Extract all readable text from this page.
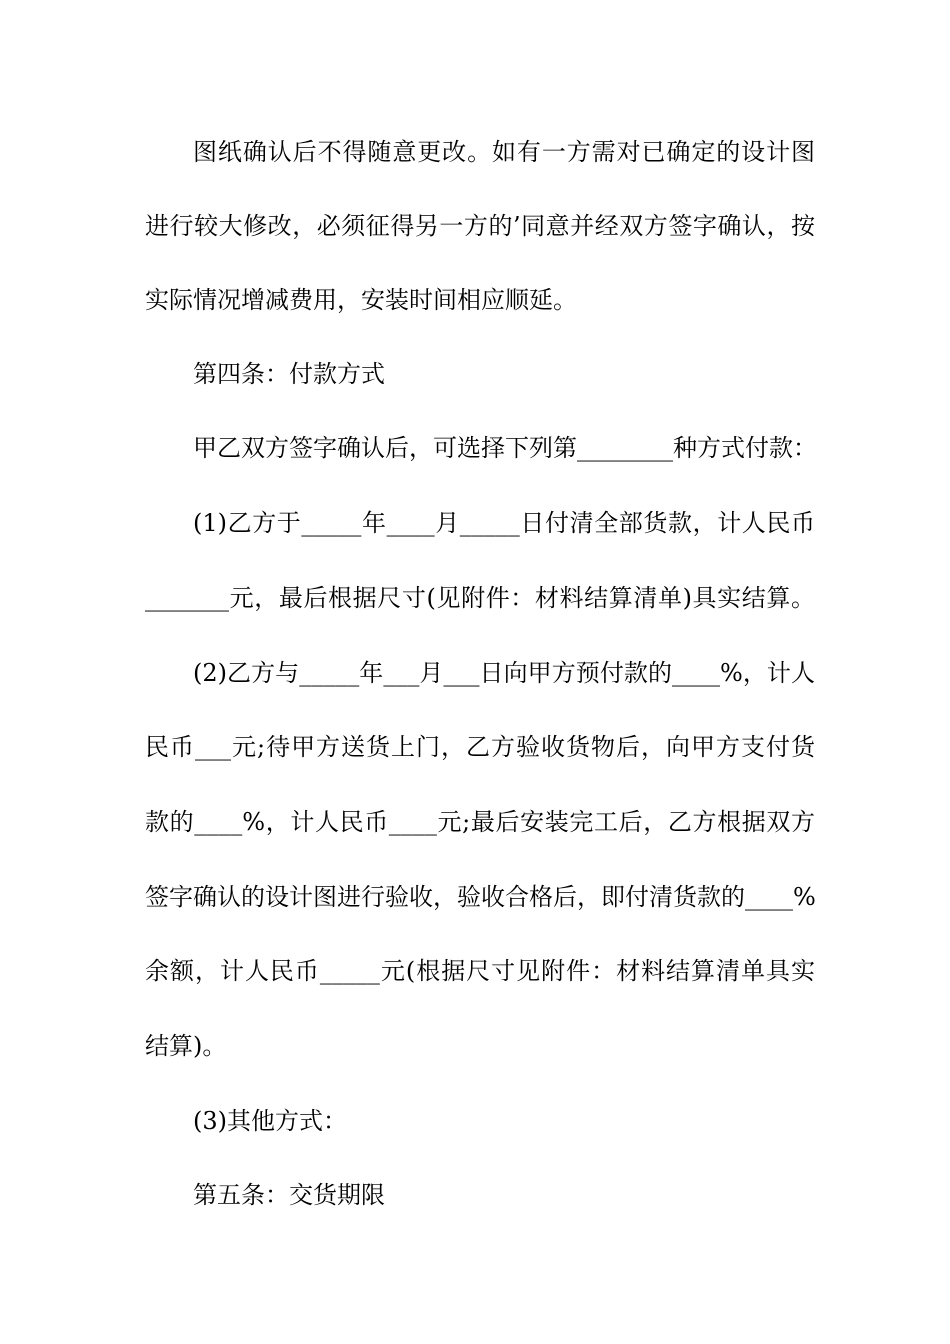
图纸确认后不得随意更改。如有一方需对已确定的设计图
进行较大修改，必须征得另一方的’同意并经双方签字确认，按
实际情况增减费用，安装时间相应顺延。
第四条：付款方式
甲乙双方签字确认后，可选择下列第________种方式付款：
(1)乙方于_____年____月_____日付清全部货款，计人民币
_______元，最后根据尺寸(见附件：材料结算清单)具实结算。
(2)乙方与_____年___月___日向甲方预付款的____%，计人
民币___元;待甲方送货上门，乙方验收货物后，向甲方支付货
款的____%，计人民币____元;最后安装完工后，乙方根据双方
签字确认的设计图进行验收，验收合格后，即付清货款的____%
余额，计人民币_____元(根据尺寸见附件：材料结算清单具实
结算)。
(3)其他方式：
第五条：交货期限
